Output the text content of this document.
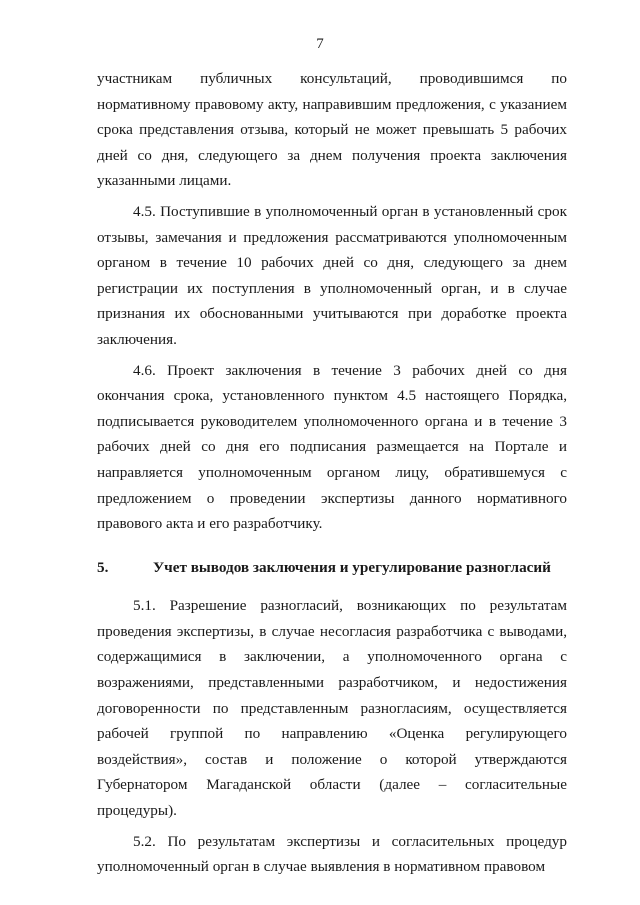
7

участникам публичных консультаций, проводившимся по нормативному правовому акту, направившим предложения, с указанием срока представления отзыва, который не может превышать 5 рабочих дней со дня, следующего за днем получения проекта заключения указанными лицами.

4.5. Поступившие в уполномоченный орган в установленный срок отзывы, замечания и предложения рассматриваются уполномоченным органом в течение 10 рабочих дней со дня, следующего за днем регистрации их поступления в уполномоченный орган, и в случае признания их обоснованными учитываются при доработке проекта заключения.

4.6. Проект заключения в течение 3 рабочих дней со дня окончания срока, установленного пунктом 4.5 настоящего Порядка, подписывается руководителем уполномоченного органа и в течение 3 рабочих дней со дня его подписания размещается на Портале и направляется уполномоченным органом лицу, обратившемуся с предложением о проведении экспертизы данного нормативного правового акта и его разработчику.

5.	Учет выводов заключения и урегулирование разногласий

5.1. Разрешение разногласий, возникающих по результатам проведения экспертизы, в случае несогласия разработчика с выводами, содержащимися в заключении, а уполномоченного органа с возражениями, представленными разработчиком, и недостижения договоренности по представленным разногласиям, осуществляется рабочей группой по направлению «Оценка регулирующего воздействия», состав и положение о которой утверждаются Губернатором Магаданской области (далее – согласительные процедуры).

5.2. По результатам экспертизы и согласительных процедур уполномоченный орган в случае выявления в нормативном правовом
